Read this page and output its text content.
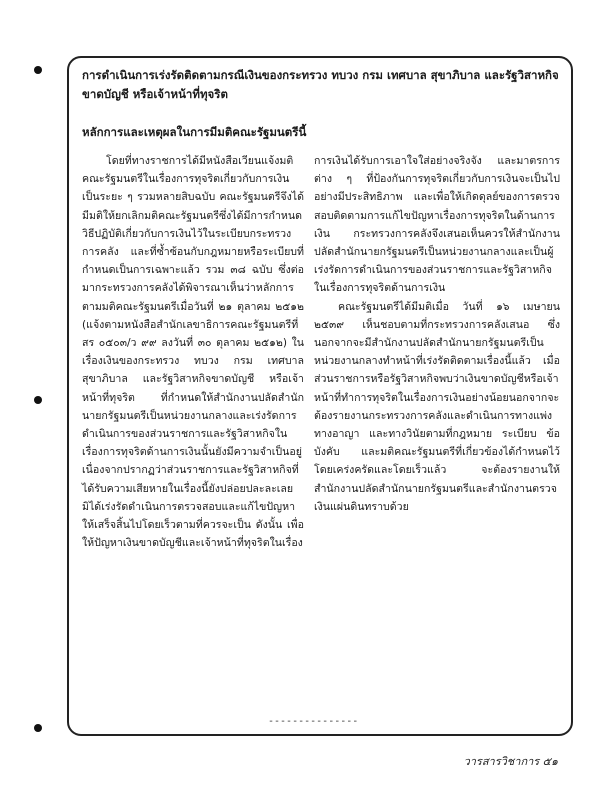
การดำเนินการเร่งรัดติดตามกรณีเงินของกระทรวง ทบวง กรม เทศบาล สุขาภิบาล และรัฐวิสาหกิจ ขาดบัญชี หรือเจ้าหน้าที่ทุจริต
หลักการและเหตุผลในการมีมติคณะรัฐมนตรีนี้

โดยที่ทางราชการได้มีหนังสือเวียนแจ้งมติคณะรัฐมนตรีในเรื่องการทุจริตเกี่ยวกับการเงินเป็นระยะ ๆ รวมหลายสิบฉบับ คณะรัฐมนตรีจึงได้มีมติให้ยกเลิกมติคณะรัฐมนตรีซึ่งได้มีการกำหนดวิธีปฏิบัติเกี่ยวกับการเงินไว้ในระเบียบกระทรวงการคลัง และที่ซ้ำซ้อนกับกฎหมายหรือระเบียบที่กำหนดเป็นการเฉพาะแล้ว รวม ๓๘ ฉบับ ซึ่งต่อมากระทรวงการคลังได้พิจารณาเห็นว่าหลักการตามมติคณะรัฐมนตรีเมื่อวันที่ ๒๑ ตุลาคม ๒๕๑๒ (แจ้งตามหนังสือสำนักเลขาธิการคณะรัฐมนตรีที่ สร ๐๕๐๓/ว ๙๙ ลงวันที่ ๓๐ ตุลาคม ๒๕๑๒) ในเรื่องเงินของกระทรวง ทบวง กรม เทศบาล สุขาภิบาล และรัฐวิสาหกิจขาดบัญชี หรือเจ้าหน้าที่ทุจริต ที่กำหนดให้สำนักงานปลัดสำนักนายกรัฐมนตรีเป็นหน่วยงานกลางและเร่งรัดการดำเนินการของส่วนราชการและรัฐวิสาหกิจในเรื่องการทุจริตด้านการเงินนั้นยังมีความจำเป็นอยู่ เนื่องจากปรากฏว่าส่วนราชการและรัฐวิสาหกิจที่ได้รับความเสียหายในเรื่องนี้ยังปล่อยปละละเลยมิได้เร่งรัดดำเนินการตรวจสอบและแก้ไขปัญหาให้เสร็จสิ้นไปโดยเร็วตามที่ควรจะเป็น ดังนั้น เพื่อให้ปัญหาเงินขาดบัญชีและเจ้าหน้าที่ทุจริตในเรื่อง

การเงินได้รับการเอาใจใส่อย่างจริงจัง และมาตรการต่าง ๆ ที่ป้องกันการทุจริตเกี่ยวกับการเงินจะเป็นไปอย่างมีประสิทธิภาพ และเพื่อให้เกิดดุลย์ของการตรวจสอบติดตามการแก้ไขปัญหาเรื่องการทุจริตในด้านการเงิน กระทรวงการคลังจึงเสนอเห็นควรให้สำนักงานปลัดสำนักนายกรัฐมนตรีเป็นหน่วยงานกลางและเป็นผู้เร่งรัดการดำเนินการของส่วนราชการและรัฐวิสาหกิจในเรื่องการทุจริตด้านการเงิน

คณะรัฐมนตรีได้มีมติเมื่อ วันที่ ๑๖ เมษายน ๒๕๓๙ เห็นชอบตามที่กระทรวงการคลังเสนอ ซึ่งนอกจากจะมีสำนักงานปลัดสำนักนายกรัฐมนตรีเป็นหน่วยงานกลางทำหน้าที่เร่งรัดติดตามเรื่องนี้แล้ว เมื่อส่วนราชการหรือรัฐวิสาหกิจพบว่าเงินขาดบัญชีหรือเจ้าหน้าที่ทำการทุจริตในเรื่องการเงินอย่างน้อยนอกจากจะต้องรายงานกระทรวงการคลังและดำเนินการทางแพ่ง ทางอาญา และทางวินัยตามที่กฎหมาย ระเบียบ ข้อบังคับ และมติคณะรัฐมนตรีที่เกี่ยวข้องได้กำหนดไว้ โดยเคร่งครัดและโดยเร็วแล้ว จะต้องรายงานให้สำนักงานปลัดสำนักนายกรัฐมนตรีและสำนักงานตรวจเงินแผ่นดินทราบด้วย

---------------
วารสารวิชาการ ๕๑
